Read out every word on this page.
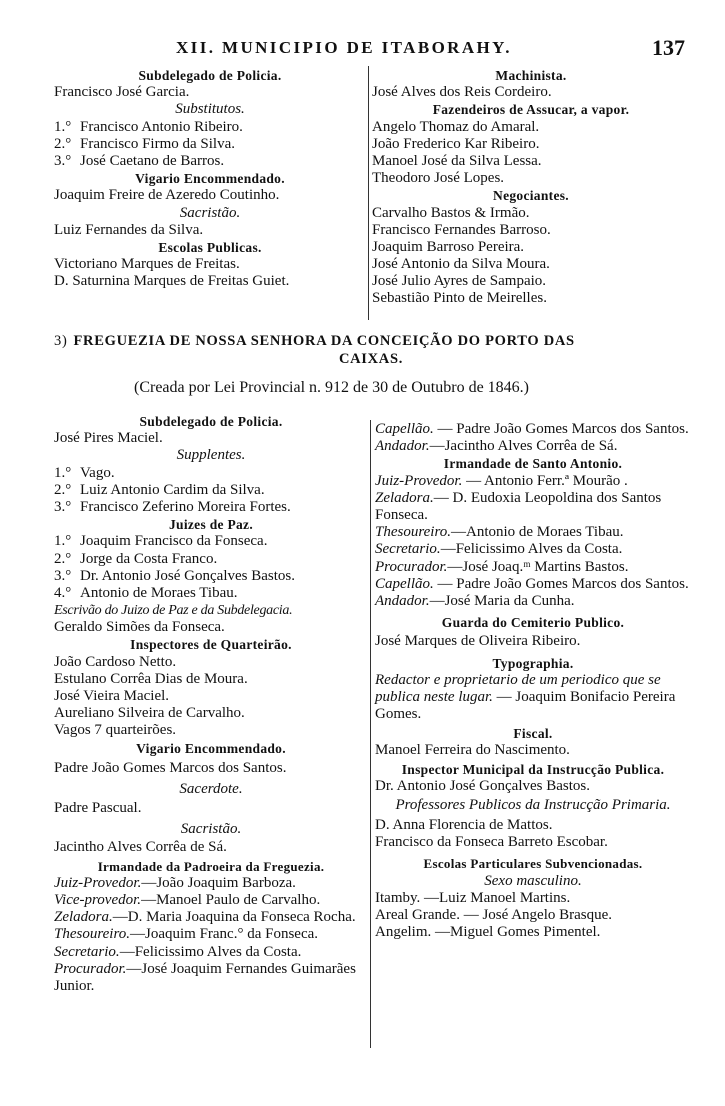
XII. MUNICIPIO DE ITABORAHY.	137
Subdelegado de Policia.
Francisco José Garcia.
Substitutos.
1.° Francisco Antonio Ribeiro.
2.° Francisco Firmo da Silva.
3.° José Caetano de Barros.
Vigario Encommendado.
Joaquim Freire de Azeredo Coutinho.
Sacristão.
Luiz Fernandes da Silva.
Escolas Publicas.
Victoriano Marques de Freitas.
D. Saturnina Marques de Freitas Guiet.
Machinista.
José Alves dos Reis Cordeiro.
Fazendeiros de Assucar, a vapor.
Angelo Thomaz do Amaral.
João Frederico Kar Ribeiro.
Manoel José da Silva Lessa.
Theodoro José Lopes.
Negociantes.
Carvalho Bastos & Irmão.
Francisco Fernandes Barroso.
Joaquim Barroso Pereira.
José Antonio da Silva Moura.
José Julio Ayres de Sampaio.
Sebastião Pinto de Meirelles.
3) FREGUEZIA DE NOSSA SENHORA DA CONCEIÇÃO DO PORTO DAS
CAIXAS.
(Creada por Lei Provincial n. 912 de 30 de Outubro de 1846.)
Subdelegado de Policia.
José Pires Maciel.
Supplentes.
1.° Vago.
2.° Luiz Antonio Cardim da Silva.
3.° Francisco Zeferino Moreira Fortes.
Juizes de Paz.
1.° Joaquim Francisco da Fonseca.
2.° Jorge da Costa Franco.
3.° Dr. Antonio José Gonçalves Bastos.
4.° Antonio de Moraes Tibau.
Escrivão do Juizo de Paz e da Subdelegacia.
Geraldo Simões da Fonseca.
Inspectores de Quarteirão.
João Cardoso Netto.
Estulano Corrêa Dias de Moura.
José Vieira Maciel.
Aureliano Silveira de Carvalho.
Vagos 7 quarteirões.
Vigario Encommendado.
Padre João Gomes Marcos dos Santos.
Sacerdote.
Padre Pascual.
Sacristão.
Jacintho Alves Corrêa de Sá.
Irmandade da Padroeira da Freguezia.
Juiz-Provedor.—João Joaquim Barboza.
Vice-provedor.—Manoel Paulo de Carvalho.
Zeladora.—D. Maria Joaquina da Fonseca Rocha.
Thesoureiro.—Joaquim Franc.° da Fonseca.
Secretario.—Felicissimo Alves da Costa.
Procurador.—José Joaquim Fernandes Guimarães Junior.
Capellão. — Padre João Gomes Marcos dos Santos.
Andador.—Jacintho Alves Corrêa de Sá.
Irmandade de Santo Antonio.
Juiz-Provedor. — Antonio Ferr.ª Mourão .
Zeladora.— D. Eudoxia Leopoldina dos Santos Fonseca.
Thesoureiro.—Antonio de Moraes Tibau.
Secretario.—Felicissimo Alves da Costa.
Procurador.—José Joaq.ᵐ Martins Bastos.
Capellão. — Padre João Gomes Marcos dos Santos.
Andador.—José Maria da Cunha.
Guarda do Cemiterio Publico.
José Marques de Oliveira Ribeiro.
Typographia.
Redactor e proprietario de um periodico que se publica neste lugar. — Joaquim Bonifacio Pereira Gomes.
Fiscal.
Manoel Ferreira do Nascimento.
Inspector Municipal da Instrucção Publica.
Dr. Antonio José Gonçalves Bastos.
Professores Publicos da Instrucção Primaria.
D. Anna Florencia de Mattos.
Francisco da Fonseca Barreto Escobar.
Escolas Particulares Subvencionadas.
Sexo masculino.
Itamby. —Luiz Manoel Martins.
Areal Grande. — José Angelo Brasque.
Angelim. —Miguel Gomes Pimentel.
